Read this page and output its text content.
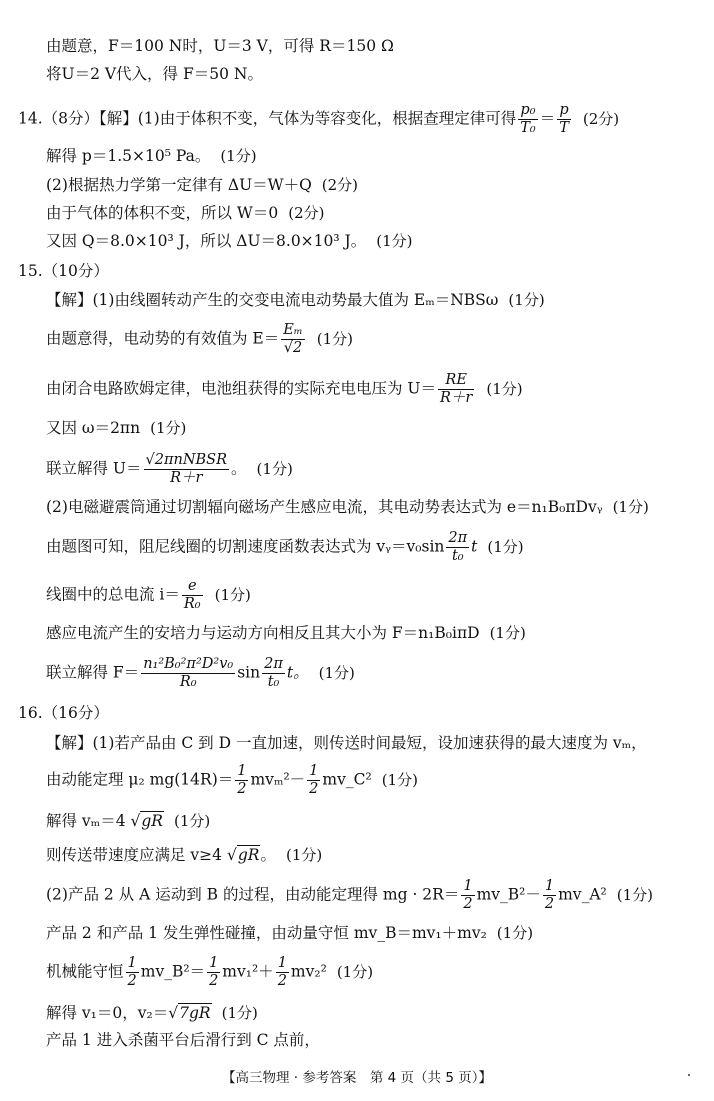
由题意，F＝100 N时，U＝3 V，可得 R＝150 Ω
将U＝2 V代入，得 F＝50 N。
14.（8分）【解】(1)由于体积不变，气体为等容变化，根据查理定律可得 $\frac{\text{p₀}}{\text{T₀}} = \frac{p}{T} (2$分)
解得 p＝1.5×10⁵ Pa。 (1分)
(2)根据热力学第一定律有 ΔU＝W＋Q (2分)
由于气体的体积不变，所以 W＝0 (2分)
又因 Q＝8.0×10³ J，所以 ΔU＝8.0×10³ J。 (1分)
15.（10分）
【解】(1)由线圈转动产生的交变电流电动势最大值为 Eₘ＝NBSω (1分)
由题意得，电动势的有效值为 $E= \frac{\text{Eₘ}}{√2} (1$分)
由闭合电路欧姆定律，电池组获得的实际充电电压为 $U= \frac{RE}{R+r} (1$分)
又因 ω＝2πn (1分)
联立解得 U＝ √2πnNBSR
R＋r
。 (1分)
(2)电磁避震筒通过切割辐向磁场产生感应电流，其电动势表达式为 e＝n₁B₀πDvᵧ (1分)
由题图可知，阻尼线圈的切割速度函数表达式为 vᵧ＝v₀sin $\frac{2\pi}{\text{t₀}}$ t (1分)
线圈中的总电流 $i= \frac{e}{\text{R₀}} (1$分)
感应电流产生的安培力与运动方向相反且其大小为 F＝n₁B₀iπD (1分)
联立解得 $F= \frac{\text{n₁²B₀²π²D²v₀}}{\text{R₀}}$ $\sin \frac{2\pi}{\text{t₀}}$ t。 (1分)
16.（16分）
【解】(1)若产品由 C 到 D 一直加速，则传送时间最短，设加速获得的最大速度为 vₘ，
由动能定理 μ₂ $mg(14R)= \frac{1}{2} mv_m^2- \frac{1}{2}$ mv_C² (1分)
解得 vₘ＝4 √gR (1分)
则传送带速度应满足 v≥4 √gR。 (1分)
(2)产品 2 从 A 运动到 B 的过程，由动能定理得 mg · $2R= \frac{1}{2}$ mv_B²－ $\frac{1}{2}$ mv_A² (1分)
产品 2 和产品 1 发生弹性碰撞，由动量守恒 mv_B＝mv₁＋mv₂ (1分)
机械能守恒 $\frac{1}{2}$ mv_B²＝ $\frac{1}{2} mv_1^2+ \frac{1}{2} mv_2^2$ (1分)
解得 v₁＝0，v₂＝√7gR (1分)
产品 1 进入杀菌平台后滑行到 C 点前，
【高三物理 · 参考答案　第 4 页（共 5 页）】
